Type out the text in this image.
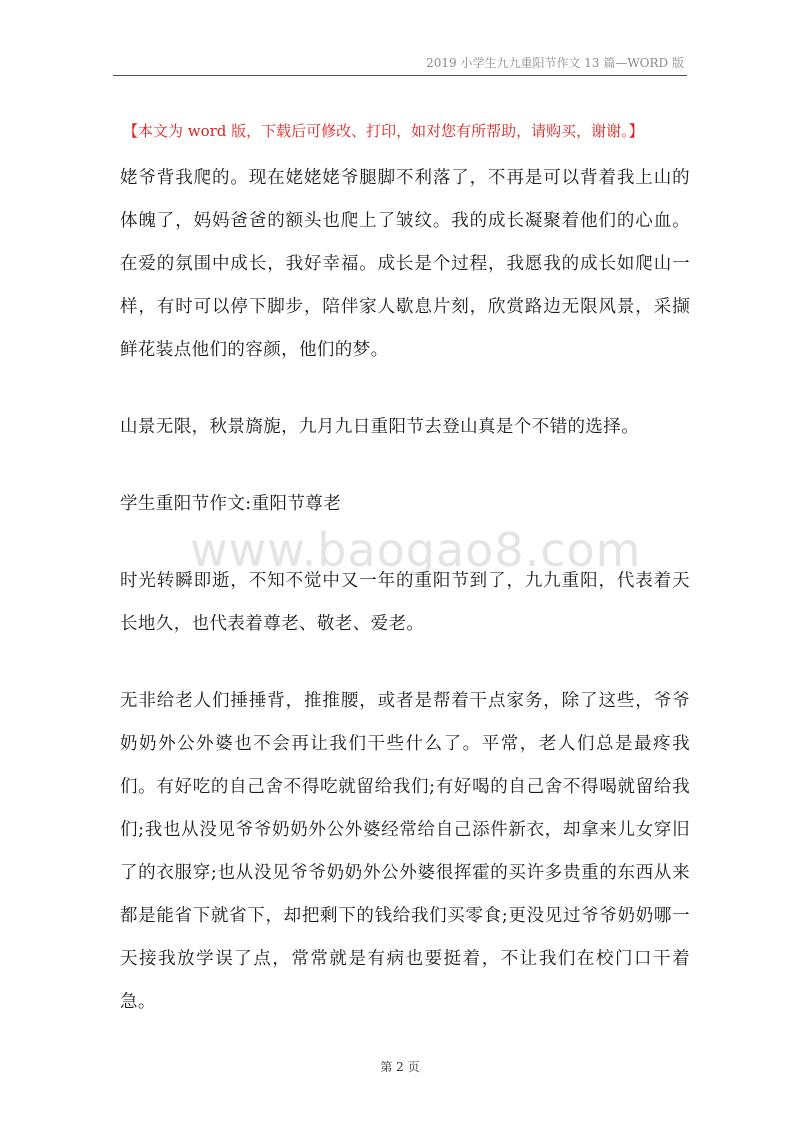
2019 小学生九九重阳节作文 13 篇—WORD 版
【本文为 word 版，下载后可修改、打印，如对您有所帮助，请购买，谢谢。】
www.baogao8.com

姥爷背我爬的。现在姥姥姥爷腿脚不利落了，不再是可以背着我上山的体魄了，妈妈爸爸的额头也爬上了皱纹。我的成长凝聚着他们的心血。在爱的氛围中成长，我好幸福。成长是个过程，我愿我的成长如爬山一样，有时可以停下脚步，陪伴家人歇息片刻，欣赏路边无限风景，采撷鲜花装点他们的容颜，他们的梦。

山景无限，秋景旖旎，九月九日重阳节去登山真是个不错的选择。

学生重阳节作文:重阳节尊老

时光转瞬即逝，不知不觉中又一年的重阳节到了，九九重阳，代表着天长地久，也代表着尊老、敬老、爱老。

无非给老人们捶捶背，推推腰，或者是帮着干点家务，除了这些，爷爷奶奶外公外婆也不会再让我们干些什么了。平常，老人们总是最疼我们。有好吃的自己舍不得吃就留给我们;有好喝的自己舍不得喝就留给我们;我也从没见爷爷奶奶外公外婆经常给自己添件新衣，却拿来儿女穿旧了的衣服穿;也从没见爷爷奶奶外公外婆很挥霍的买许多贵重的东西从来都是能省下就省下，却把剩下的钱给我们买零食;更没见过爷爷奶奶哪一天接我放学误了点，常常就是有病也要挺着，不让我们在校门口干着急。

第 2 页
